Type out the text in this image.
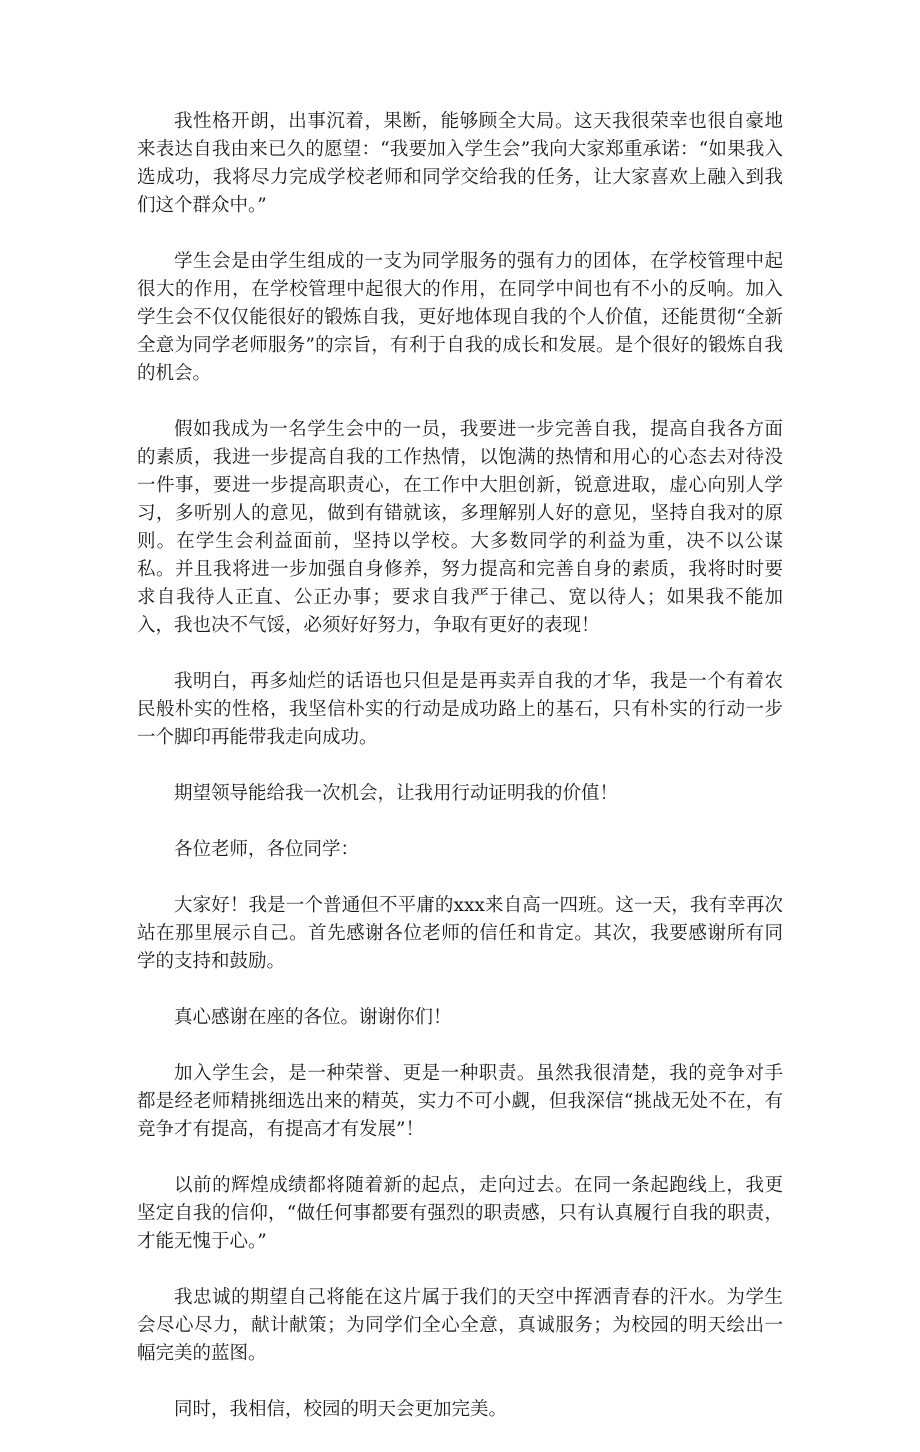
我性格开朗，出事沉着，果断，能够顾全大局。这天我很荣幸也很自豪地来表达自我由来已久的愿望：“我要加入学生会”我向大家郑重承诺：“如果我入选成功，我将尽力完成学校老师和同学交给我的任务，让大家喜欢上融入到我们这个群众中。”

学生会是由学生组成的一支为同学服务的强有力的团体，在学校管理中起很大的作用，在学校管理中起很大的作用，在同学中间也有不小的反响。加入学生会不仅仅能很好的锻炼自我，更好地体现自我的个人价值，还能贯彻“全新全意为同学老师服务”的宗旨，有利于自我的成长和发展。是个很好的锻炼自我的机会。

假如我成为一名学生会中的一员，我要进一步完善自我，提高自我各方面的素质，我进一步提高自我的工作热情，以饱满的热情和用心的心态去对待没一件事，要进一步提高职责心，在工作中大胆创新，锐意进取，虚心向别人学习，多听别人的意见，做到有错就该，多理解别人好的意见，坚持自我对的原则。在学生会利益面前，坚持以学校。大多数同学的利益为重，决不以公谋私。并且我将进一步加强自身修养，努力提高和完善自身的素质，我将时时要求自我待人正直、公正办事；要求自我严于律己、宽以待人；如果我不能加入，我也决不气馁，必须好好努力，争取有更好的表现！

我明白，再多灿烂的话语也只但是是再卖弄自我的才华，我是一个有着农民般朴实的性格，我坚信朴实的行动是成功路上的基石，只有朴实的行动一步一个脚印再能带我走向成功。

期望领导能给我一次机会，让我用行动证明我的价值！

各位老师，各位同学：

大家好！我是一个普通但不平庸的xxx来自高一四班。这一天，我有幸再次站在那里展示自己。首先感谢各位老师的信任和肯定。其次，我要感谢所有同学的支持和鼓励。

真心感谢在座的各位。谢谢你们！

加入学生会，是一种荣誉、更是一种职责。虽然我很清楚，我的竞争对手都是经老师精挑细选出来的精英，实力不可小觑，但我深信“挑战无处不在，有竞争才有提高，有提高才有发展”！

以前的辉煌成绩都将随着新的起点，走向过去。在同一条起跑线上，我更坚定自我的信仰，“做任何事都要有强烈的职责感，只有认真履行自我的职责，才能无愧于心。”

我忠诚的期望自己将能在这片属于我们的天空中挥洒青春的汗水。为学生会尽心尽力，献计献策；为同学们全心全意，真诚服务；为校园的明天绘出一幅完美的蓝图。

同时，我相信，校园的明天会更加完美。
